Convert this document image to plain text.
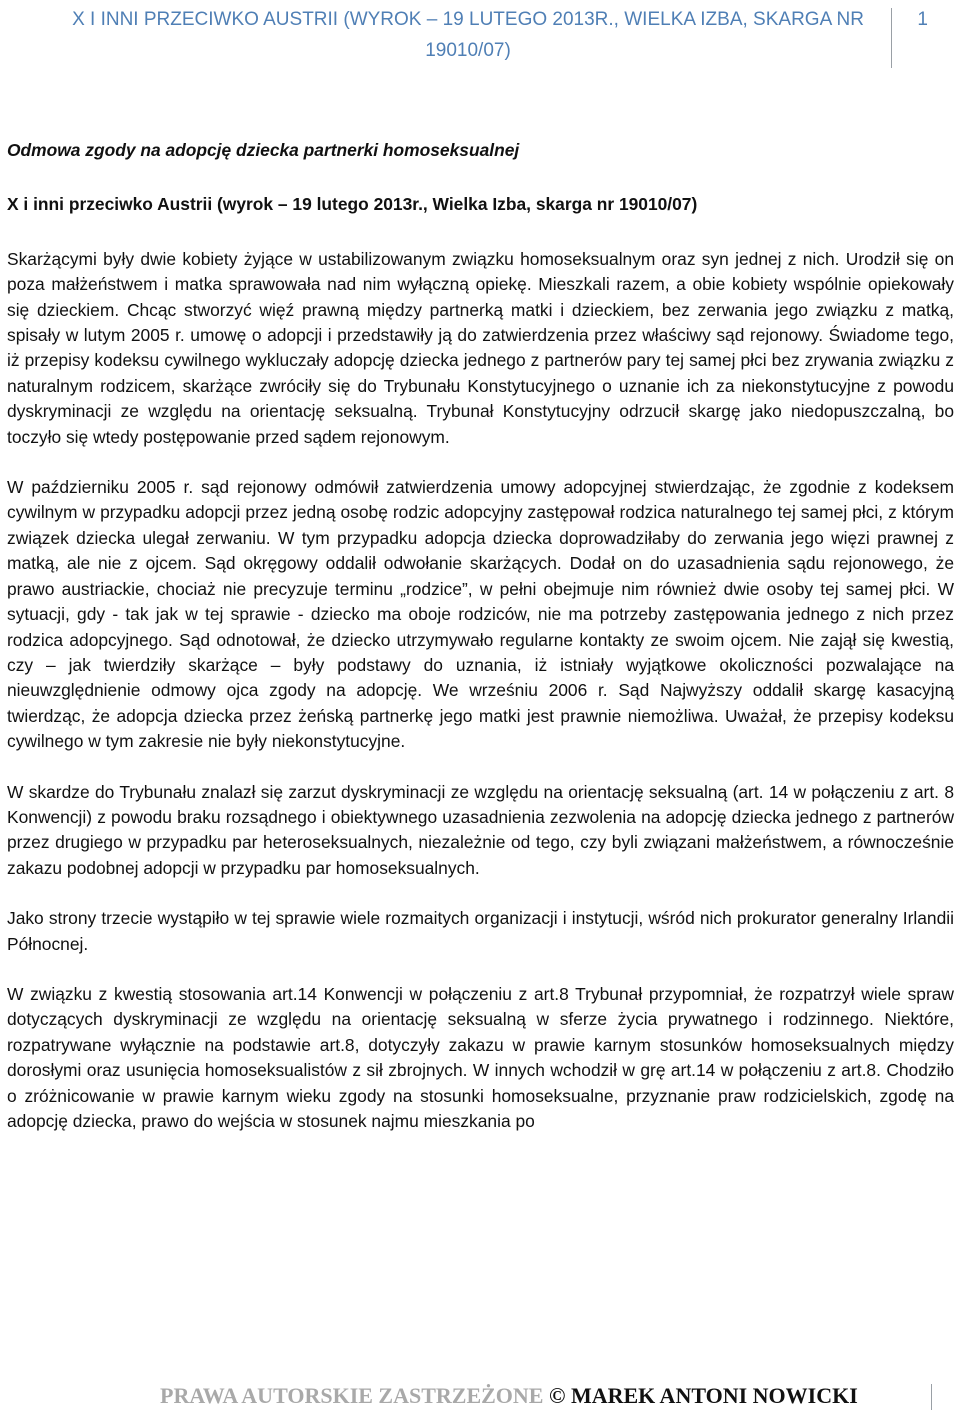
X I INNI PRZECIWKO AUSTRII (WYROK – 19 LUTEGO 2013R., WIELKA IZBA, SKARGA NR 19010/07)
1
Odmowa zgody na adopcję dziecka partnerki homoseksualnej
X i inni przeciwko Austrii (wyrok – 19 lutego 2013r., Wielka Izba, skarga nr 19010/07)

Skarżącymi były dwie kobiety żyjące w ustabilizowanym związku homoseksualnym oraz syn jednej z nich. Urodził się on poza małżeństwem i matka sprawowała nad nim wyłączną opiekę. Mieszkali razem, a obie kobiety wspólnie opiekowały się dzieckiem. Chcąc stworzyć więź prawną między partnerką matki i dzieckiem, bez zerwania jego związku z matką, spisały w lutym 2005 r. umowę o adopcji i przedstawiły ją do zatwierdzenia przez właściwy sąd rejonowy. Świadome tego, iż przepisy kodeksu cywilnego wykluczały adopcję dziecka jednego z partnerów pary tej samej płci bez zrywania związku z naturalnym rodzicem, skarżące zwróciły się do Trybunału Konstytucyjnego o uznanie ich za niekonstytucyjne z powodu dyskryminacji ze względu na orientację seksualną. Trybunał Konstytucyjny odrzucił skargę jako niedopuszczalną, bo toczyło się wtedy postępowanie przed sądem rejonowym.

W październiku 2005 r. sąd rejonowy odmówił zatwierdzenia umowy adopcyjnej stwierdzając, że zgodnie z kodeksem cywilnym w przypadku adopcji przez jedną osobę rodzic adopcyjny zastępował rodzica naturalnego tej samej płci, z którym związek dziecka ulegał zerwaniu. W tym przypadku adopcja dziecka doprowadziłaby do zerwania jego więzi prawnej z matką, ale nie z ojcem. Sąd okręgowy oddalił odwołanie skarżących. Dodał on do uzasadnienia sądu rejonowego, że prawo austriackie, chociaż nie precyzuje terminu „rodzice”, w pełni obejmuje nim również dwie osoby tej samej płci. W sytuacji, gdy - tak jak w tej sprawie - dziecko ma oboje rodziców, nie ma potrzeby zastępowania jednego z nich przez rodzica adopcyjnego. Sąd odnotował, że dziecko utrzymywało regularne kontakty ze swoim ojcem. Nie zajął się kwestią, czy – jak twierdziły skarżące – były podstawy do uznania, iż istniały wyjątkowe okoliczności pozwalające na nieuwzględnienie odmowy ojca zgody na adopcję. We wrześniu 2006 r. Sąd Najwyższy oddalił skargę kasacyjną twierdząc, że adopcja dziecka przez żeńską partnerkę jego matki jest prawnie niemożliwa. Uważał, że przepisy kodeksu cywilnego w tym zakresie nie były niekonstytucyjne.

W skardze do Trybunału znalazł się zarzut dyskryminacji ze względu na orientację seksualną (art. 14 w połączeniu z art. 8 Konwencji) z powodu braku rozsądnego i obiektywnego uzasadnienia zezwolenia na adopcję dziecka jednego z partnerów przez drugiego w przypadku par heteroseksualnych, niezależnie od tego, czy byli związani małżeństwem, a równocześnie zakazu podobnej adopcji w przypadku par homoseksualnych.

Jako strony trzecie wystąpiło w tej sprawie wiele rozmaitych organizacji i instytucji, wśród nich prokurator generalny Irlandii Północnej.

W związku z kwestią stosowania art.14 Konwencji w połączeniu z art.8 Trybunał przypomniał, że rozpatrzył wiele spraw dotyczących dyskryminacji ze względu na orientację seksualną w sferze życia prywatnego i rodzinnego. Niektóre, rozpatrywane wyłącznie na podstawie art.8, dotyczyły zakazu w prawie karnym stosunków homoseksualnych między dorosłymi oraz usunięcia homoseksualistów z sił zbrojnych. W innych wchodził w grę art.14 w połączeniu z art.8. Chodziło o zróżnicowanie w prawie karnym wieku zgody na stosunki homoseksualne, przyznanie praw rodzicielskich, zgodę na adopcję dziecka, prawo do wejścia w stosunek najmu mieszkania po

PRAWA AUTORSKIE ZASTRZEŻONE © MAREK ANTONI NOWICKI
